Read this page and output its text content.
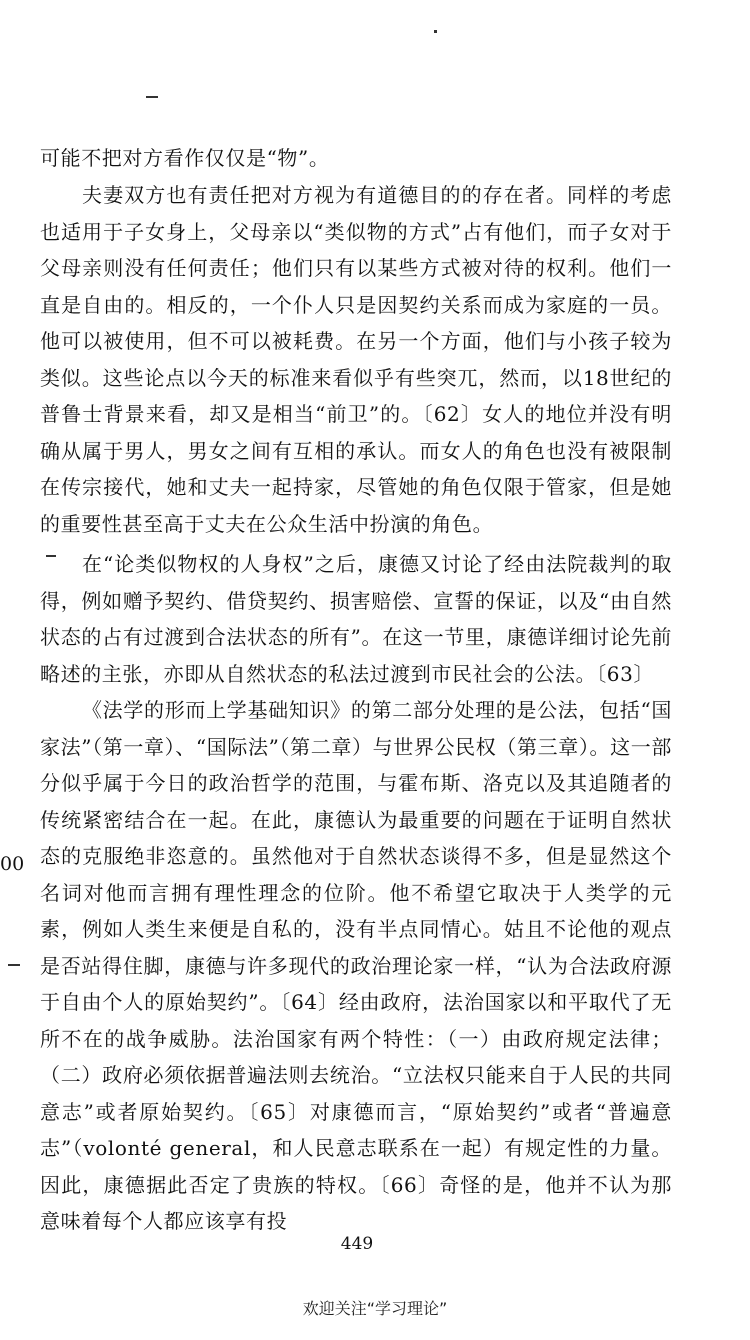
可能不把对方看作仅仅是“物”。

夫妻双方也有责任把对方视为有道德目的的存在者。同样的考虑也适用于子女身上，父母亲以“类似物的方式”占有他们，而子女对于父母亲则没有任何责任；他们只有以某些方式被对待的权利。他们一直是自由的。相反的，一个仆人只是因契约关系而成为家庭的一员。他可以被使用，但不可以被耗费。在另一个方面，他们与小孩子较为类似。这些论点以今天的标准来看似乎有些突兀，然而，以18世纪的普鲁士背景来看，却又是相当“前卫”的。〔62〕女人的地位并没有明确从属于男人，男女之间有互相的承认。而女人的角色也没有被限制在传宗接代，她和丈夫一起持家，尽管她的角色仅限于管家，但是她的重要性甚至高于丈夫在公众生活中扮演的角色。

在“论类似物权的人身权”之后，康德又讨论了经由法院裁判的取得，例如赠予契约、借贷契约、损害赔偿、宣誓的保证，以及“由自然状态的占有过渡到合法状态的所有”。在这一节里，康德详细讨论先前略述的主张，亦即从自然状态的私法过渡到市民社会的公法。〔63〕

《法学的形而上学基础知识》的第二部分处理的是公法，包括“国家法”（第一章）、“国际法”（第二章）与世界公民权（第三章）。这一部分似乎属于今日的政治哲学的范围，与霍布斯、洛克以及其追随者的传统紧密结合在一起。在此，康德认为最重要的问题在于证明自然状态的克服绝非恣意的。虽然他对于自然状态谈得不多，但是显然这个名词对他而言拥有理性理念的位阶。他不希望它取决于人类学的元素，例如人类生来便是自私的，没有半点同情心。姑且不论他的观点是否站得住脚，康德与许多现代的政治理论家一样，“认为合法政府源于自由个人的原始契约”。〔64〕经由政府，法治国家以和平取代了无所不在的战争威胁。法治国家有两个特性：（一）由政府规定法律；（二）政府必须依据普遍法则去统治。“立法权只能来自于人民的共同意志”或者原始契约。〔65〕对康德而言，“原始契约”或者“普遍意志”（volonté general，和人民意志联系在一起）有规定性的力量。因此，康德据此否定了贵族的特权。〔66〕奇怪的是，他并不认为那意味着每个人都应该享有投

00
449
欢迎关注“学习理论”
